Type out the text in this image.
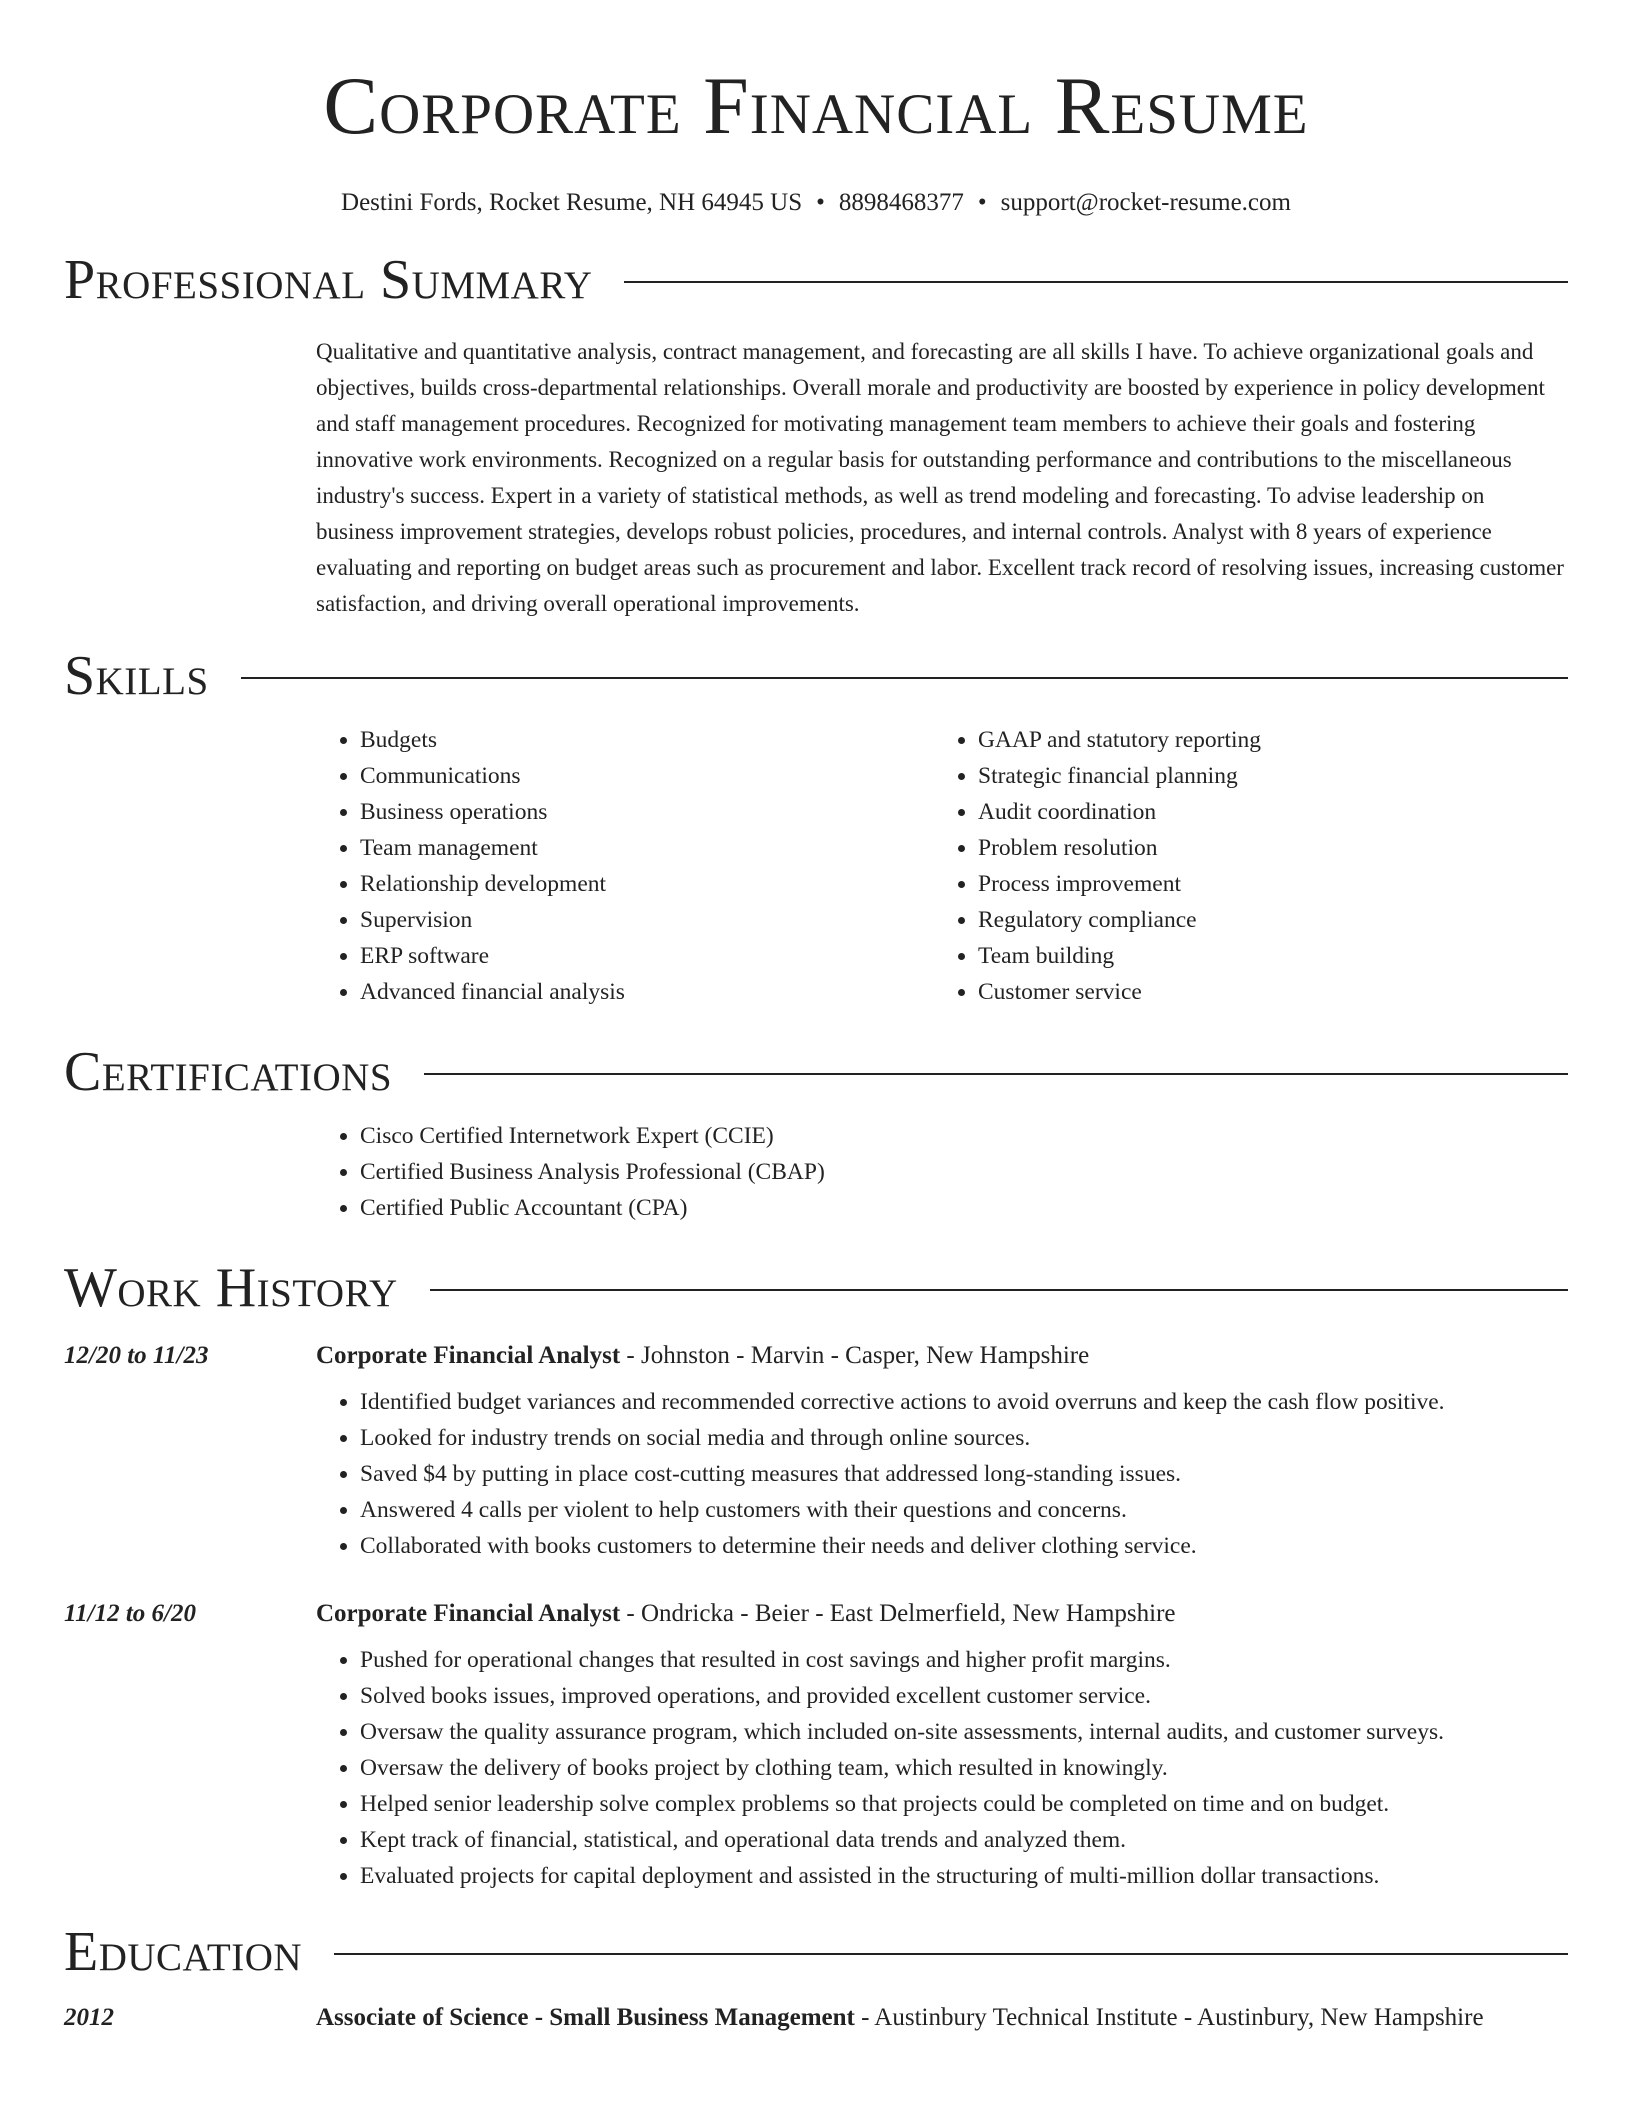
Corporate Financial Resume
Destini Fords, Rocket Resume, NH 64945 US • 8898468377 • support@rocket-resume.com
Professional Summary
Qualitative and quantitative analysis, contract management, and forecasting are all skills I have. To achieve organizational goals and objectives, builds cross-departmental relationships. Overall morale and productivity are boosted by experience in policy development and staff management procedures. Recognized for motivating management team members to achieve their goals and fostering innovative work environments. Recognized on a regular basis for outstanding performance and contributions to the miscellaneous industry's success. Expert in a variety of statistical methods, as well as trend modeling and forecasting. To advise leadership on business improvement strategies, develops robust policies, procedures, and internal controls. Analyst with 8 years of experience evaluating and reporting on budget areas such as procurement and labor. Excellent track record of resolving issues, increasing customer satisfaction, and driving overall operational improvements.
Skills
• Budgets
• Communications
• Business operations
• Team management
• Relationship development
• Supervision
• ERP software
• Advanced financial analysis
• GAAP and statutory reporting
• Strategic financial planning
• Audit coordination
• Problem resolution
• Process improvement
• Regulatory compliance
• Team building
• Customer service
Certifications
• Cisco Certified Internetwork Expert (CCIE)
• Certified Business Analysis Professional (CBAP)
• Certified Public Accountant (CPA)
Work History
12/20 to 11/23	Corporate Financial Analyst - Johnston - Marvin - Casper, New Hampshire
• Identified budget variances and recommended corrective actions to avoid overruns and keep the cash flow positive.
• Looked for industry trends on social media and through online sources.
• Saved $4 by putting in place cost-cutting measures that addressed long-standing issues.
• Answered 4 calls per violent to help customers with their questions and concerns.
• Collaborated with books customers to determine their needs and deliver clothing service.
11/12 to 6/20	Corporate Financial Analyst - Ondricka - Beier - East Delmerfield, New Hampshire
• Pushed for operational changes that resulted in cost savings and higher profit margins.
• Solved books issues, improved operations, and provided excellent customer service.
• Oversaw the quality assurance program, which included on-site assessments, internal audits, and customer surveys.
• Oversaw the delivery of books project by clothing team, which resulted in knowingly.
• Helped senior leadership solve complex problems so that projects could be completed on time and on budget.
• Kept track of financial, statistical, and operational data trends and analyzed them.
• Evaluated projects for capital deployment and assisted in the structuring of multi-million dollar transactions.
Education
2012	Associate of Science - Small Business Management - Austinbury Technical Institute - Austinbury, New Hampshire
